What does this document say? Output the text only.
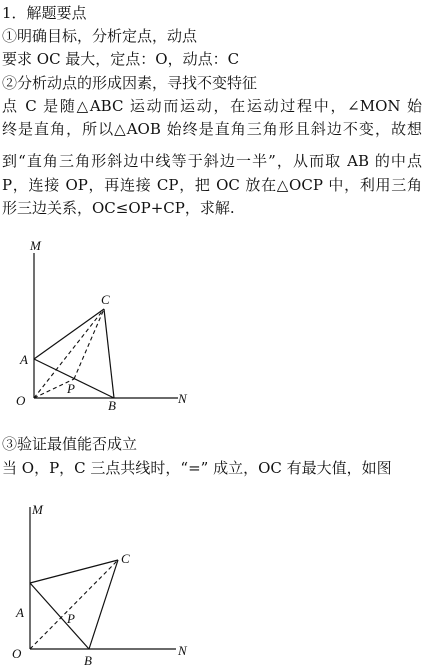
1．解题要点
①明确目标，分析定点，动点
要求 OC 最大，定点：O，动点：C
②分析动点的形成因素，寻找不变特征
点 C 是随△ABC 运动而运动，在运动过程中，∠MON 始
终是直角，所以△AOB 始终是直角三角形且斜边不变，故想
到“直角三角形斜边中线等于斜边一半”，从而取 AB 的中点
P，连接 OP，再连接 CP，把 OC 放在△OCP 中，利用三角
形三边关系，OC≤OP+CP，求解.
M
N
O
A
B
C
P
③验证最值能否成立
当 O，P，C 三点共线时，“=” 成立，OC 有最大值，如图
M
N
O
A
B
C
P
